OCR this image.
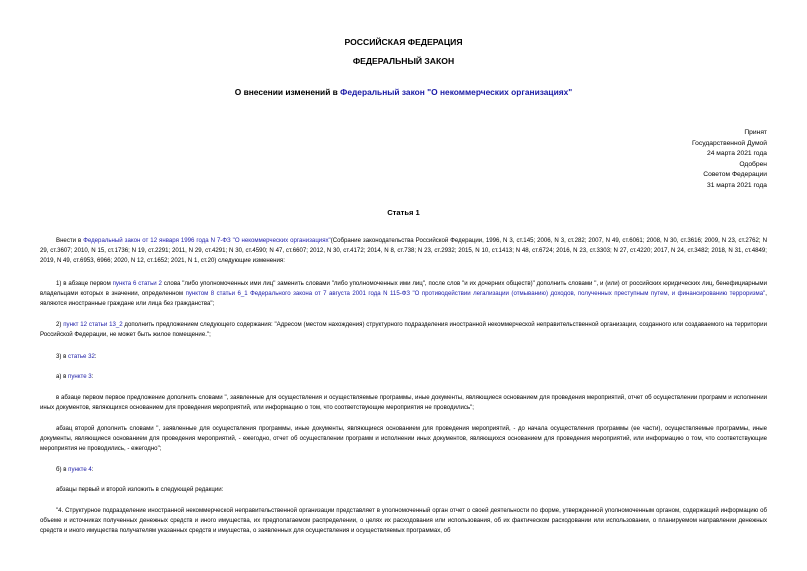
РОССИЙСКАЯ ФЕДЕРАЦИЯ
ФЕДЕРАЛЬНЫЙ ЗАКОН
О внесении изменений в Федеральный закон "О некоммерческих организациях"
Принят
Государственной Думой
24 марта 2021 года
Одобрен
Советом Федерации
31 марта 2021 года
Статья 1

Внести в Федеральный закон от 12 января 1996 года N 7-ФЗ "О некоммерческих организациях"(Собрание законодательства Российской Федерации, 1996, N 3, ст.145; 2006, N 3, ст.282; 2007, N 49, ст.6061; 2008, N 30, ст.3616; 2009, N 23, ст.2762; N 29, ст.3607; 2010, N 15, ст.1736; N 19, ст.2291; 2011, N 29, ст.4291; N 30, ст.4590; N 47, ст.6607; 2012, N 30, ст.4172; 2014, N 8, ст.738; N 23, ст.2932; 2015, N 10, ст.1413; N 48, ст.6724; 2016, N 23, ст.3303; N 27, ст.4220; 2017, N 24, ст.3482; 2018, N 31, ст.4849; 2019, N 49, ст.6953, 6966; 2020, N 12, ст.1652; 2021, N 1, ст.20) следующие изменения:

1) в абзаце первом пункта 6 статьи 2 слова "либо уполномоченных ими лиц" заменить словами "либо уполномоченных ими лиц", после слов "и их дочерних обществ)" дополнить словами ", и (или) от российских юридических лиц, бенефициарными владельцами которых в значении, определенном пунктом 8 статьи 6_1 Федерального закона от 7 августа 2001 года N 115-ФЗ "О противодействии легализации (отмыванию) доходов, полученных преступным путем, и финансированию терроризма", являются иностранные граждане или лица без гражданства";

2) пункт 12 статьи 13_2 дополнить предложением следующего содержания: "Адресом (местом нахождения) структурного подразделения иностранной некоммерческой неправительственной организации, созданного или создаваемого на территории Российской Федерации, не может быть жилое помещение.";

3) в статье 32:

а) в пункте 3:

в абзаце первом первое предложение дополнить словами ", заявленные для осуществления и осуществляемые программы, иные документы, являющиеся основанием для проведения мероприятий, отчет об осуществлении программ и исполнении иных документов, являющихся основанием для проведения мероприятий, или информацию о том, что соответствующие мероприятия не проводились";

абзац второй дополнить словами ", заявленные для осуществления программы, иные документы, являющиеся основанием для проведения мероприятий, - до начала осуществления программы (ее части), осуществляемые программы, иные документы, являющиеся основанием для проведения мероприятий, - ежегодно, отчет об осуществлении программ и исполнении иных документов, являющихся основанием для проведения мероприятий, или информацию о том, что соответствующие мероприятия не проводились, - ежегодно";

б) в пункте 4:

абзацы первый и второй изложить в следующей редакции:

"4. Структурное подразделение иностранной некоммерческой неправительственной организации представляет в уполномоченный орган отчет о своей деятельности по форме, утвержденной уполномоченным органом, содержащий информацию об объеме и источниках полученных денежных средств и иного имущества, их предполагаемом распределении, о целях их расходования или использования, об их фактическом расходовании или использовании, о планируемом направлении денежных средств и иного имущества получателям указанных средств и имущества, о заявленных для осуществления и осуществляемых программах, об
